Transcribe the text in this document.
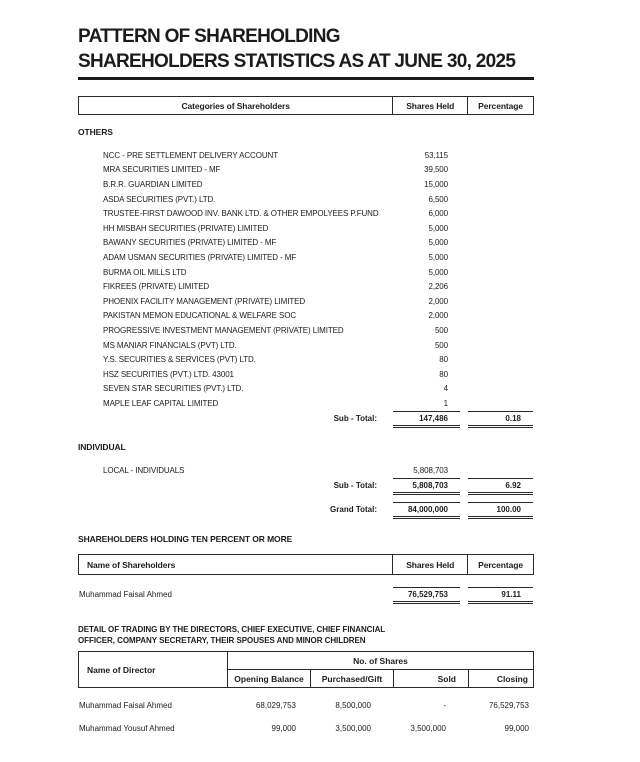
PATTERN OF SHAREHOLDING
SHAREHOLDERS STATISTICS AS AT JUNE 30, 2025
Categories of Shareholders	Shares Held	Percentage
OTHERS
NCC - PRE SETTLEMENT DELIVERY ACCOUNT	53,115
MRA SECURITIES LIMITED - MF	39,500
B.R.R. GUARDIAN LIMITED	15,000
ASDA SECURITIES (PVT.) LTD.	6,500
TRUSTEE-FIRST DAWOOD INV. BANK LTD. & OTHER EMPOLYEES P.FUND	6,000
HH MISBAH SECURITIES (PRIVATE) LIMITED	5,000
BAWANY SECURITIES (PRIVATE) LIMITED - MF	5,000
ADAM USMAN SECURITIES (PRIVATE) LIMITED - MF	5,000
BURMA OIL MILLS LTD	5,000
FIKREES (PRIVATE) LIMITED	2,206
PHOENIX FACILITY MANAGEMENT (PRIVATE) LIMITED	2,000
PAKISTAN MEMON EDUCATIONAL & WELFARE SOC	2,000
PROGRESSIVE INVESTMENT MANAGEMENT (PRIVATE) LIMITED	500
MS MANIAR FINANCIALS (PVT) LTD.	500
Y.S. SECURITIES & SERVICES (PVT) LTD.	80
HSZ SECURITIES (PVT.) LTD. 43001	80
SEVEN STAR SECURITIES (PVT.) LTD.	4
MAPLE LEAF CAPITAL LIMITED	1
Sub - Total:	147,486	0.18
INDIVIDUAL
LOCAL - INDIVIDUALS	5,808,703
Sub - Total:	5,808,703	6.92
Grand Total:	84,000,000	100.00
SHAREHOLDERS HOLDING TEN PERCENT OR MORE
Name of Shareholders	Shares Held	Percentage
Muhammad Faisal Ahmed	76,529,753	91.11
DETAIL OF TRADING BY THE DIRECTORS, CHIEF EXECUTIVE, CHIEF FINANCIAL
OFFICER, COMPANY SECRETARY, THEIR SPOUSES AND MINOR CHILDREN
Name of Director
No. of Shares
Opening Balance	Purchased/Gift	Sold	Closing
Muhammad Faisal Ahmed	68,029,753	8,500,000	-	76,529,753
Muhammad Yousuf Ahmed	99,000	3,500,000	3,500,000	99,000
